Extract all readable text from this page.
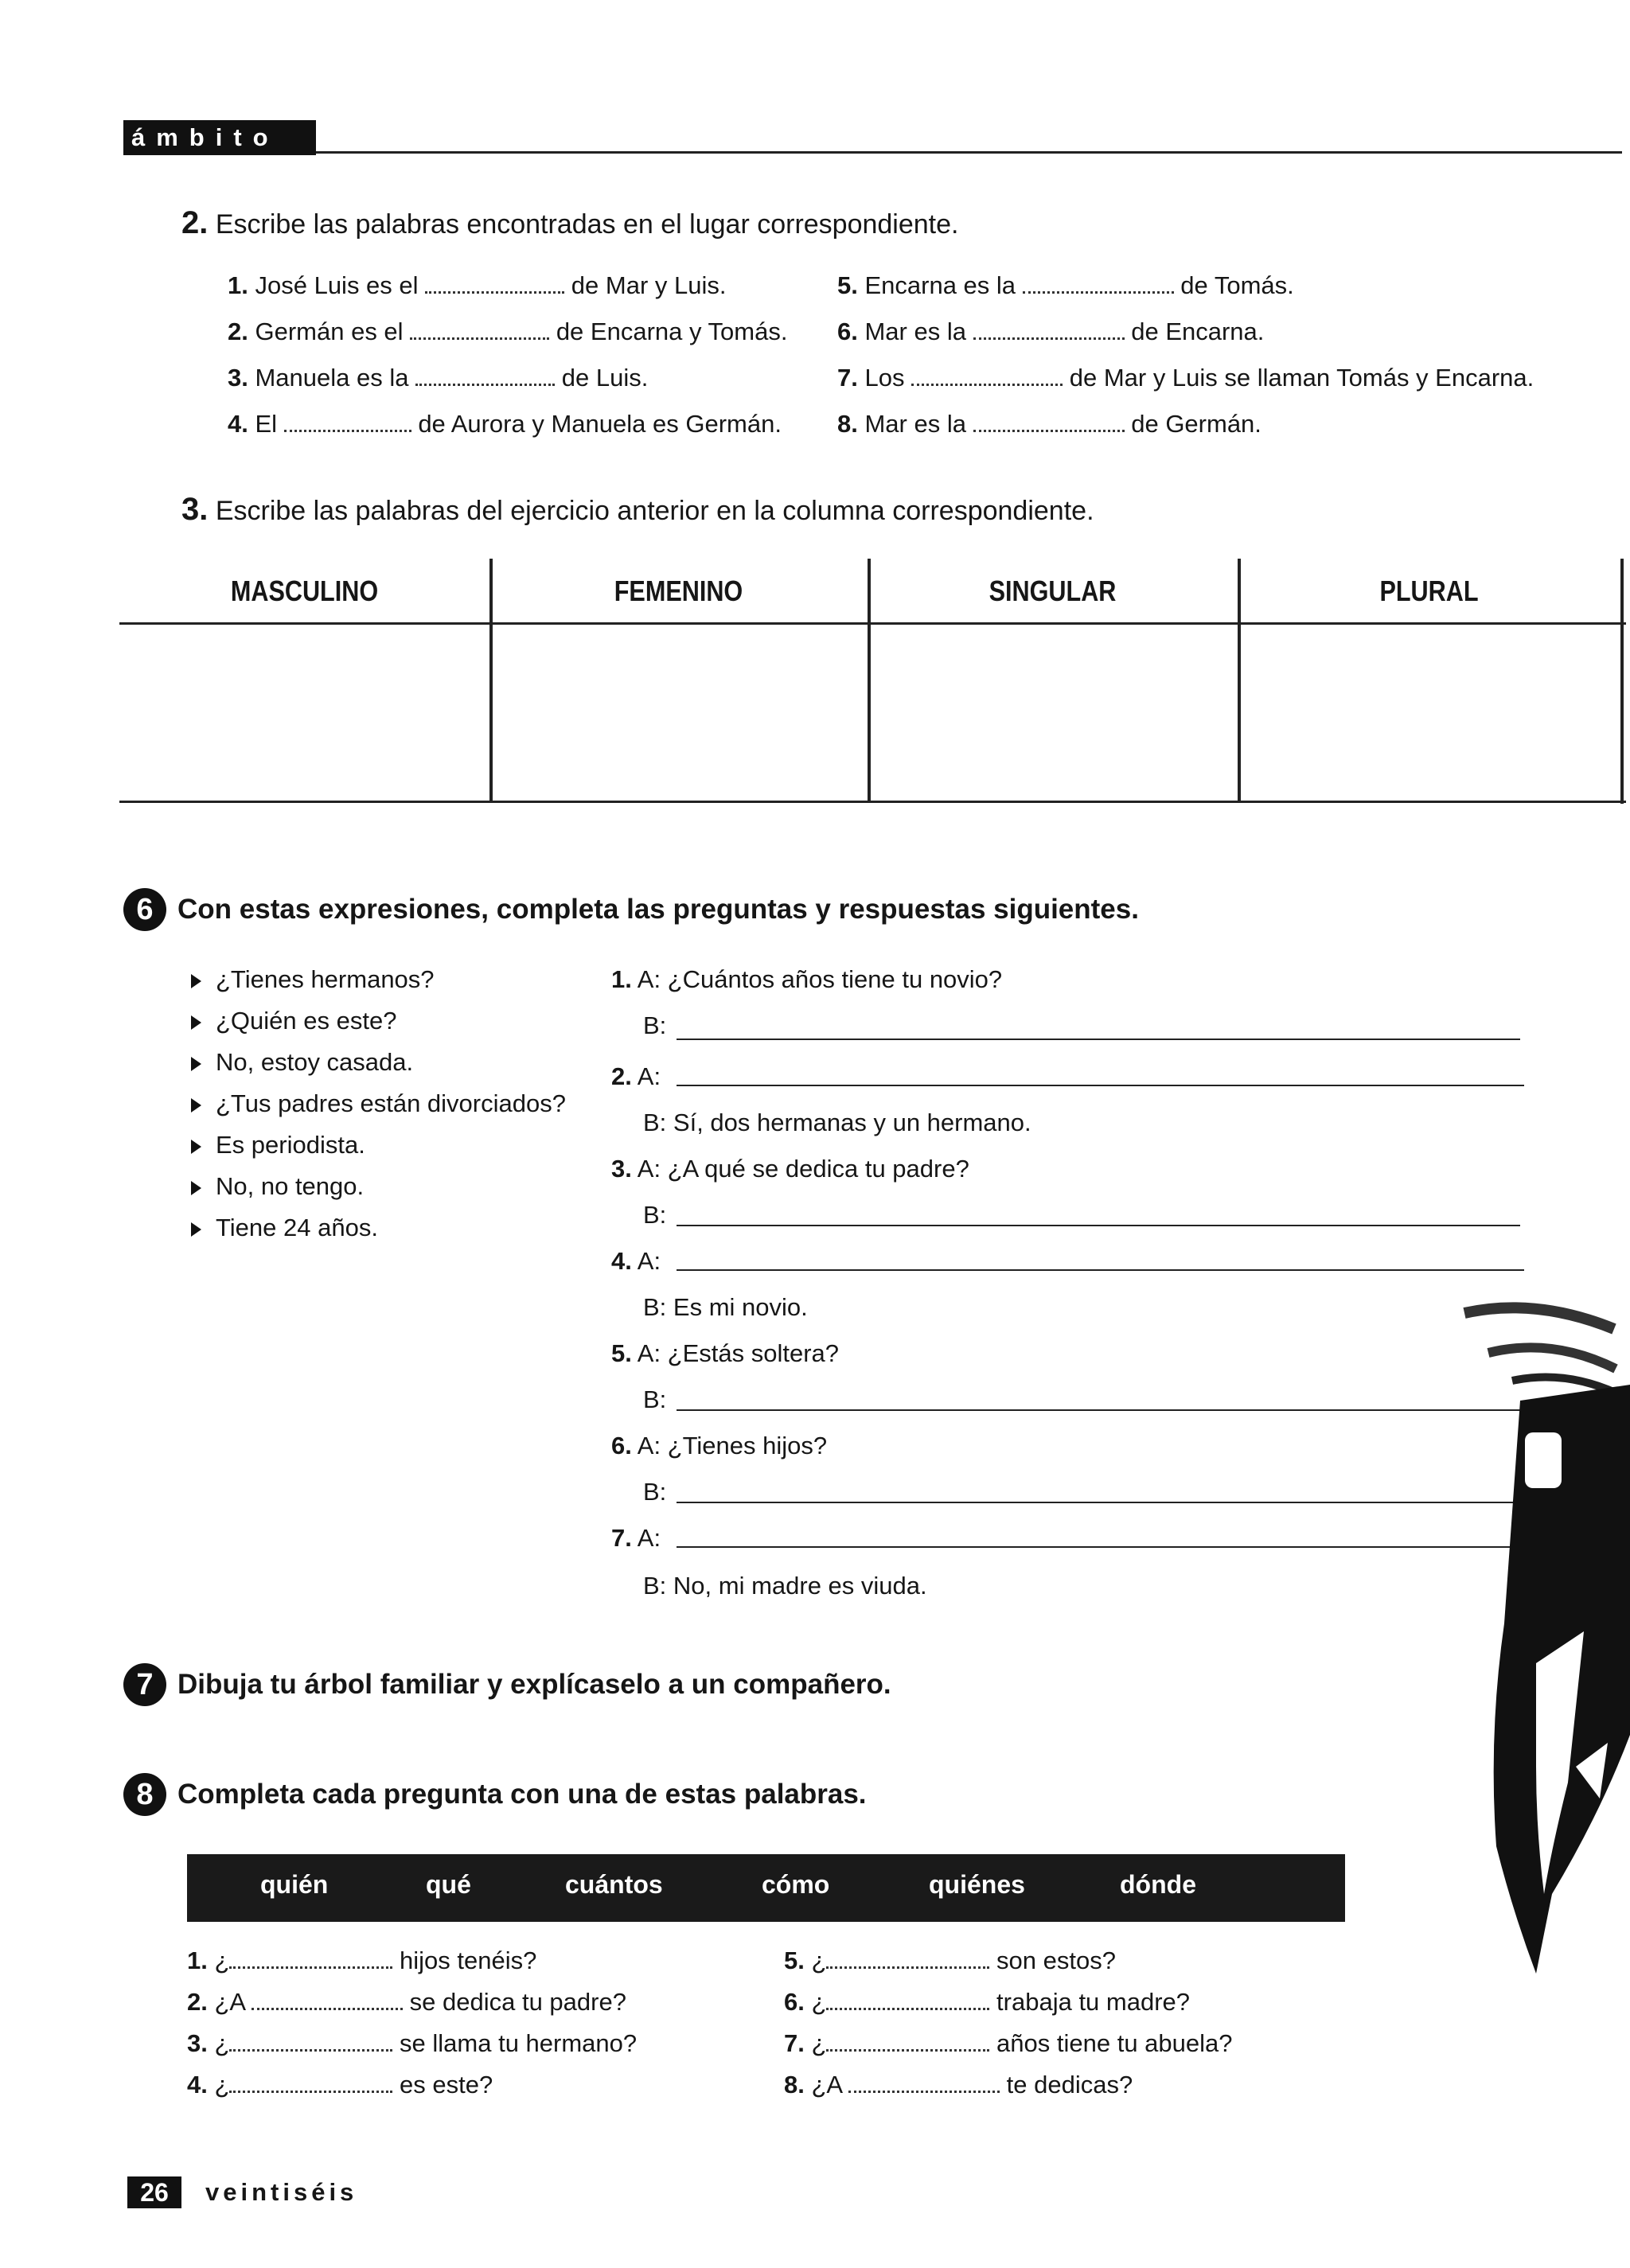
ámbito 1
2. Escribe las palabras encontradas en el lugar correspondiente.
1. José Luis es el	de Mar y Luis.
2. Germán es el	de Encarna y Tomás.
3. Manuela es la	de Luis.
4. El	de Aurora y Manuela es Germán.
5. Encarna es la	de Tomás.
6. Mar es la	de Encarna.
7. Los	de Mar y Luis se llaman Tomás y Encarna.
8. Mar es la	de Germán.
3. Escribe las palabras del ejercicio anterior en la columna correspondiente.
MASCULINO	FEMENINO	SINGULAR	PLURAL
6 Con estas expresiones, completa las preguntas y respuestas siguientes.
¿Tienes hermanos?
¿Quién es este?
No, estoy casada.
¿Tus padres están divorciados?
Es periodista.
No, no tengo.
Tiene 24 años.
1. A: ¿Cuántos años tiene tu novio?
B:
2. A:
B: Sí, dos hermanas y un hermano.
3. A: ¿A qué se dedica tu padre?
B:
4. A:
B: Es mi novio.
5. A: ¿Estás soltera?
B:
6. A: ¿Tienes hijos?
B:
7. A:
B: No, mi madre es viuda.
7 Dibuja tu árbol familiar y explícaselo a un compañero.
8 Completa cada pregunta con una de estas palabras.
quién	qué	cuántos	cómo	quiénes	dónde
1. ¿	hijos tenéis?
2. ¿A	se dedica tu padre?
3. ¿	se llama tu hermano?
4. ¿	es este?
5. ¿	son estos?
6. ¿	trabaja tu madre?
7. ¿	años tiene tu abuela?
8. ¿A	te dedicas?
26	veintiséis
